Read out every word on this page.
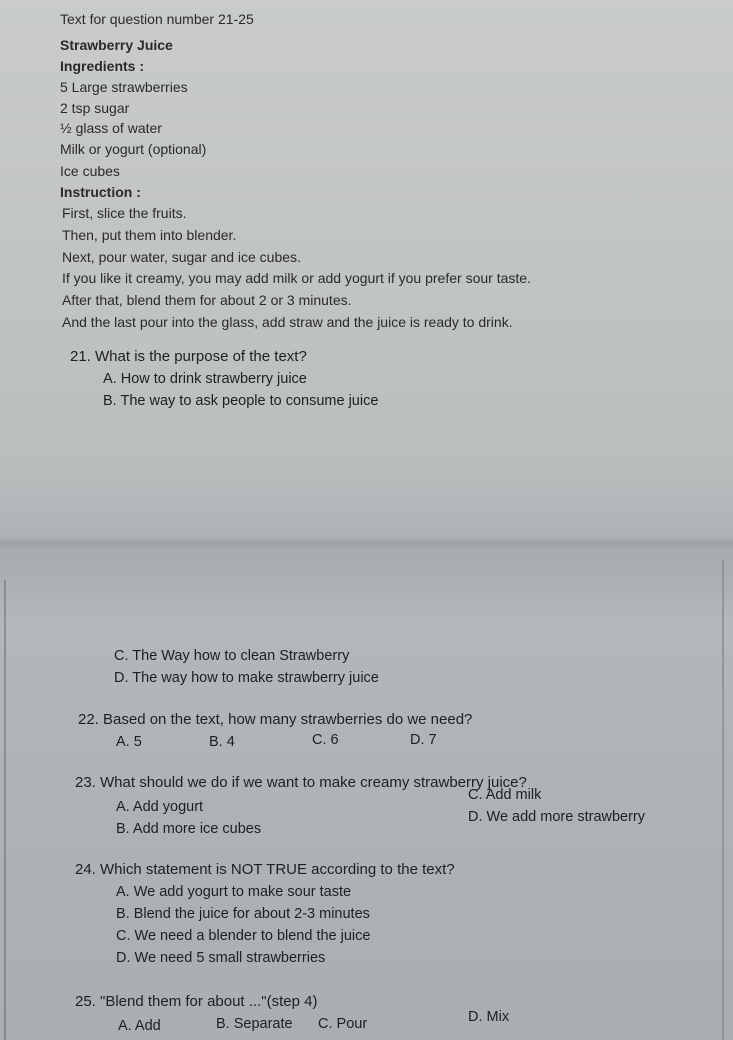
Text for question number 21-25
Strawberry Juice
Ingredients :
5 Large strawberries
2 tsp sugar
½ glass of water
Milk or yogurt (optional)
Ice cubes
Instruction :
First, slice the fruits.
Then, put them into blender.
Next, pour water, sugar and ice cubes.
If you like it creamy, you may add milk or add yogurt if you prefer sour taste.
After that, blend them for about 2 or 3 minutes.
And the last pour into the glass, add straw and the juice is ready to drink.
21. What is the purpose of the text?
A. How to drink strawberry juice
B. The way to ask people to consume juice
C. The Way how to clean Strawberry
D. The way how to make strawberry juice
22. Based on the text, how many strawberries do we need?
A. 5	B. 4	C. 6	D. 7
23. What should we do if we want to make creamy strawberry juice?
A. Add yogurt
B. Add more ice cubes
C. Add milk
D. We add more strawberry
24. Which statement is NOT TRUE according to the text?
A. We add yogurt to make sour taste
B. Blend the juice for about 2-3 minutes
C. We need a blender to blend the juice
D. We need 5 small strawberries
25. "Blend them for about ..."(step 4)
A. Add	B. Separate C. Pour	D. Mix
